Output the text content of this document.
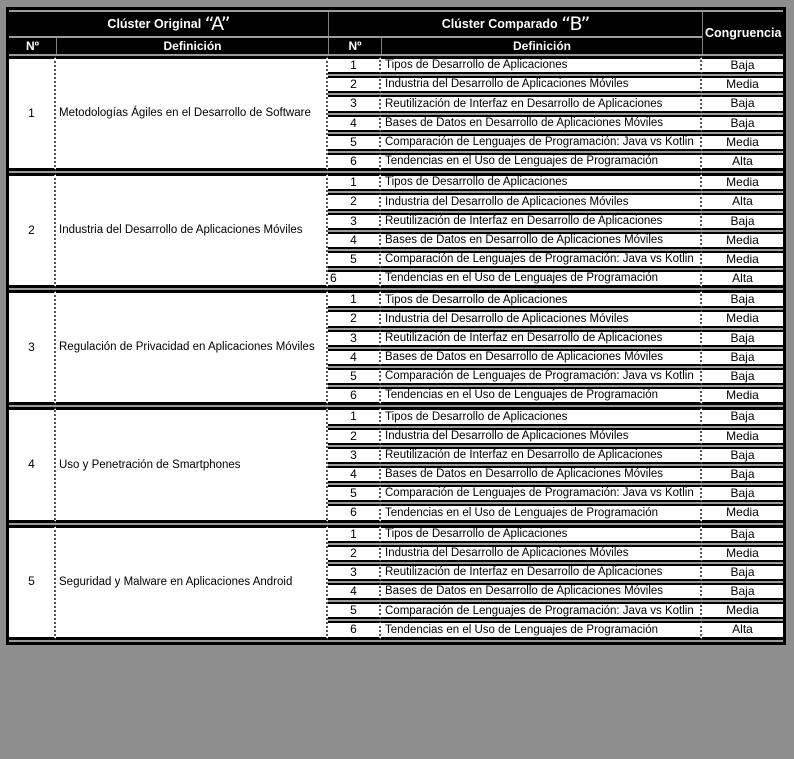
Clúster Original “A”		Clúster Comparado “B”		Congruencia
Nº	Definición	Nº	Definición	
1	Metodologías Ágiles en el Desarrollo de Software	1	Tipos de Desarrollo de Aplicaciones	Baja
		2	Industria del Desarrollo de Aplicaciones Móviles	Media
		3	Reutilización de Interfaz en Desarrollo de Aplicaciones	Baja
		4	Bases de Datos en Desarrollo de Aplicaciones Móviles	Baja
		5	Comparación de Lenguajes de Programación: Java vs Kotlin	Media
		6	Tendencias en el Uso de Lenguajes de Programación	Alta
2	Industria del Desarrollo de Aplicaciones Móviles	1	Tipos de Desarrollo de Aplicaciones	Media
		2	Industria del Desarrollo de Aplicaciones Móviles	Alta
		3	Reutilización de Interfaz en Desarrollo de Aplicaciones	Baja
		4	Bases de Datos en Desarrollo de Aplicaciones Móviles	Media
		5	Comparación de Lenguajes de Programación: Java vs Kotlin	Media
		6	Tendencias en el Uso de Lenguajes de Programación	Alta
3	Regulación de Privacidad en Aplicaciones Móviles	1	Tipos de Desarrollo de Aplicaciones	Baja
		2	Industria del Desarrollo de Aplicaciones Móviles	Media
		3	Reutilización de Interfaz en Desarrollo de Aplicaciones	Baja
		4	Bases de Datos en Desarrollo de Aplicaciones Móviles	Baja
		5	Comparación de Lenguajes de Programación: Java vs Kotlin	Baja
		6	Tendencias en el Uso de Lenguajes de Programación	Media
4	Uso y Penetración de Smartphones	1	Tipos de Desarrollo de Aplicaciones	Baja
		2	Industria del Desarrollo de Aplicaciones Móviles	Media
		3	Reutilización de Interfaz en Desarrollo de Aplicaciones	Baja
		4	Bases de Datos en Desarrollo de Aplicaciones Móviles	Baja
		5	Comparación de Lenguajes de Programación: Java vs Kotlin	Baja
		6	Tendencias en el Uso de Lenguajes de Programación	Media
5	Seguridad y Malware en Aplicaciones Android	1	Tipos de Desarrollo de Aplicaciones	Baja
		2	Industria del Desarrollo de Aplicaciones Móviles	Media
		3	Reutilización de Interfaz en Desarrollo de Aplicaciones	Baja
		4	Bases de Datos en Desarrollo de Aplicaciones Móviles	Baja
		5	Comparación de Lenguajes de Programación: Java vs Kotlin	Media
		6	Tendencias en el Uso de Lenguajes de Programación	Alta
